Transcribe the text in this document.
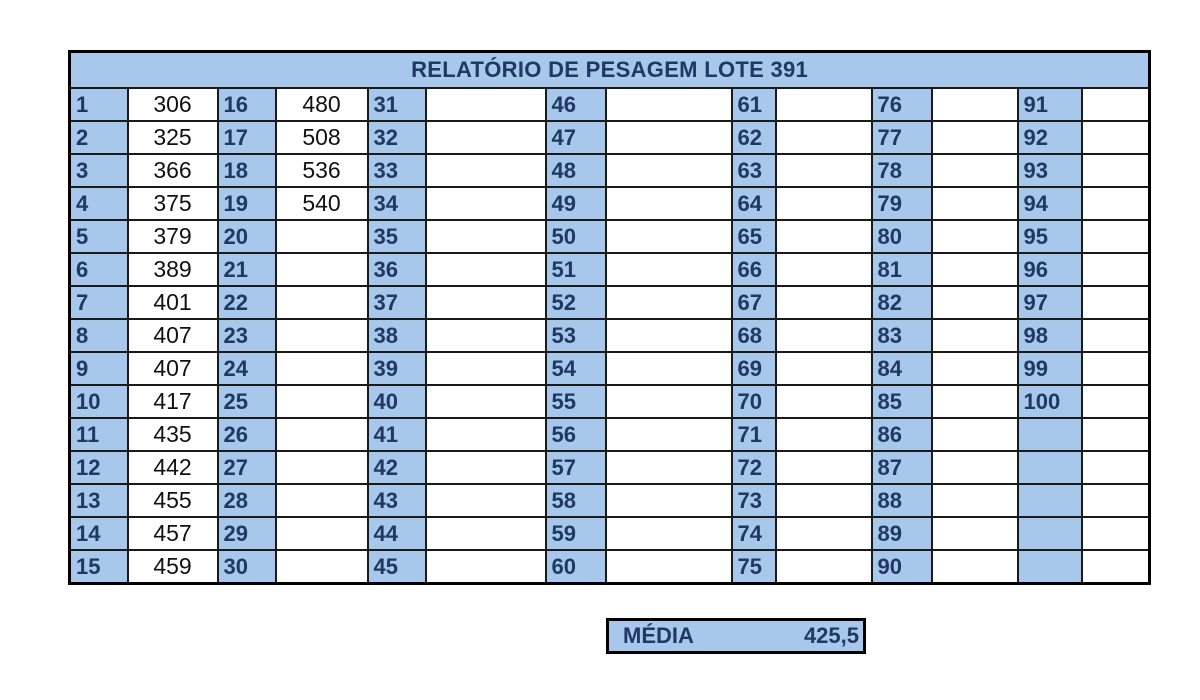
RELATÓRIO DE PESAGEM LOTE 391													
1	306	16	480	31		46		61		76		91	
2	325	17	508	32		47		62		77		92	
3	366	18	536	33		48		63		78		93	
4	375	19	540	34		49		64		79		94	
5	379	20		35		50		65		80		95	
6	389	21		36		51		66		81		96	
7	401	22		37		52		67		82		97	
8	407	23		38		53		68		83		98	
9	407	24		39		54		69		84		99	
10	417	25		40		55		70		85		100	
11	435	26		41		56		71		86			
12	442	27		42		57		72		87			
13	455	28		43		58		73		88			
14	457	29		44		59		74		89			
15	459	30		45		60		75		90			
MÉDIA	425,5
